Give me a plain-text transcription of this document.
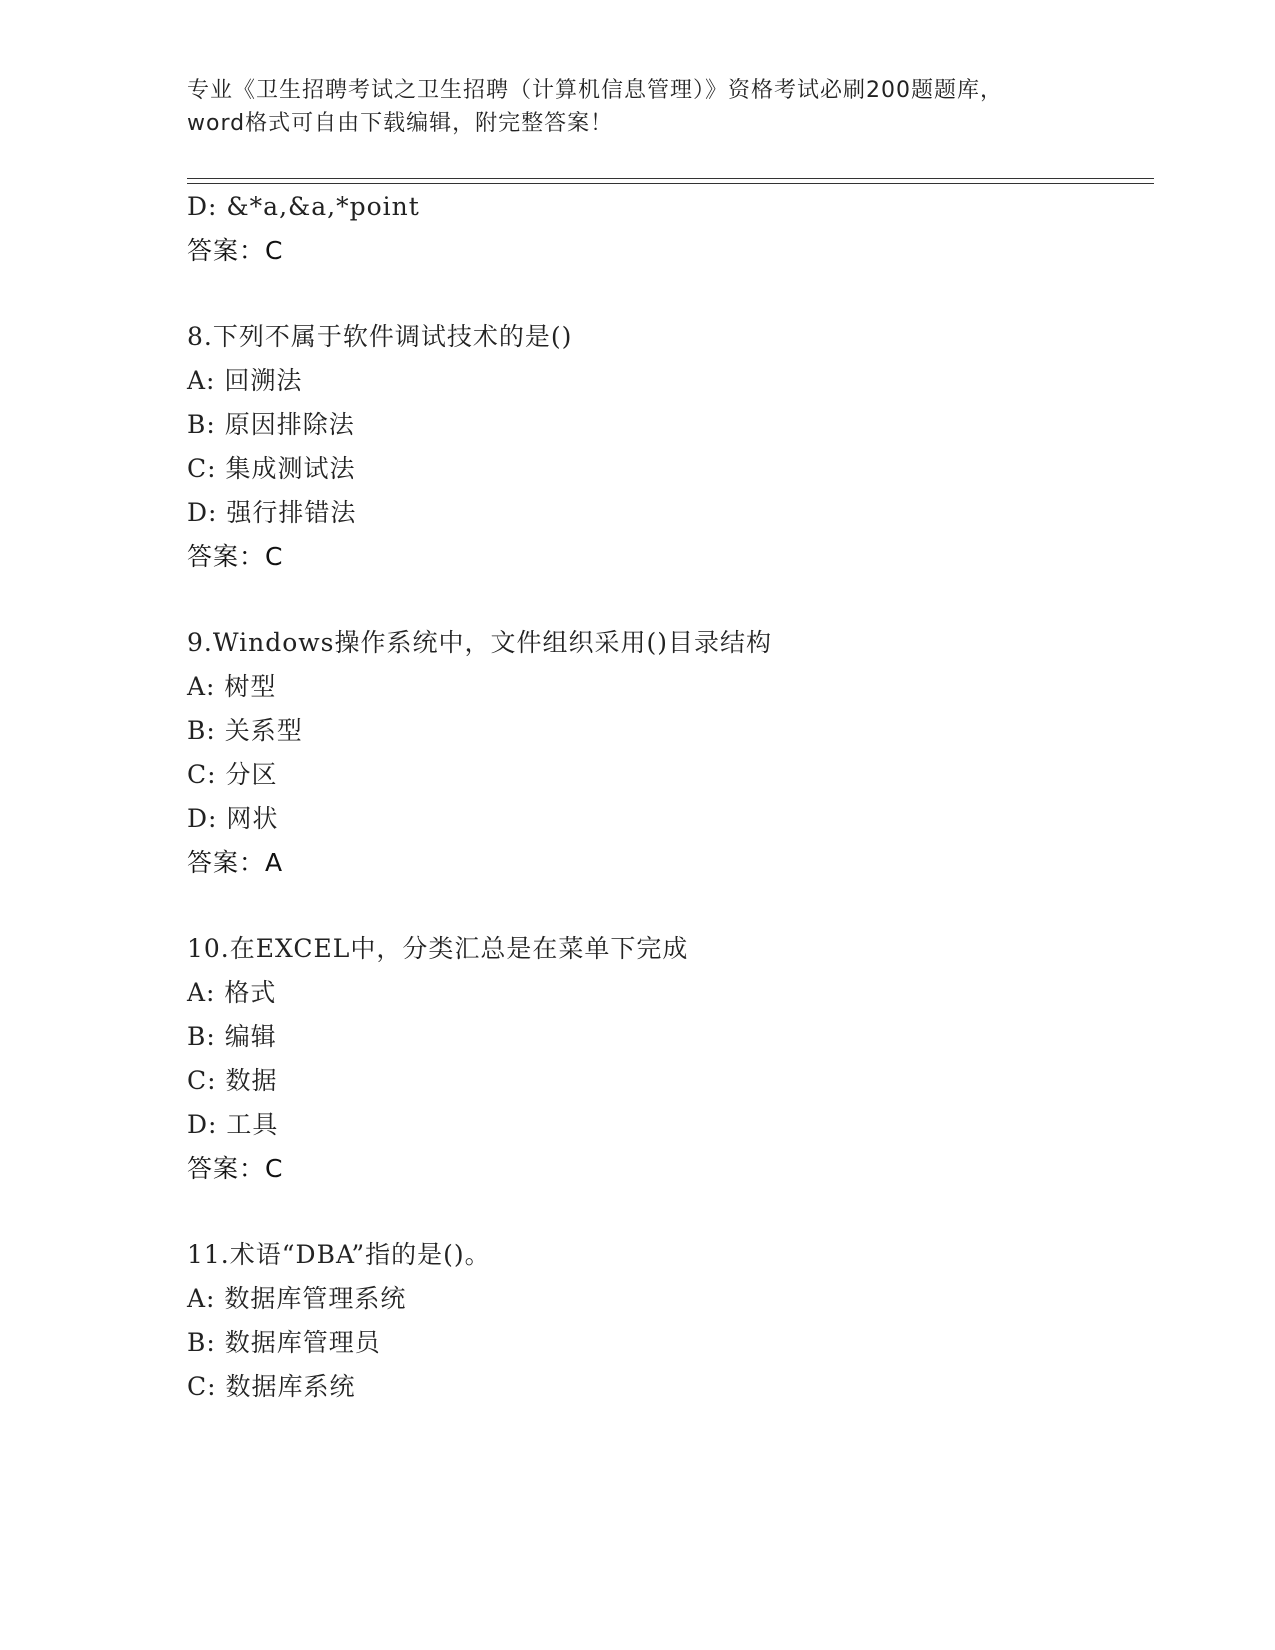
专业《卫生招聘考试之卫生招聘（计算机信息管理）》资格考试必刷200题题库，
word格式可自由下载编辑，附完整答案！
D: &*a,&a,*point
答案：C
8.下列不属于软件调试技术的是()
A: 回溯法
B: 原因排除法
C: 集成测试法
D: 强行排错法
答案：C
9.Windows操作系统中，文件组织采用()目录结构
A: 树型
B: 关系型
C: 分区
D: 网状
答案：A
10.在EXCEL中，分类汇总是在菜单下完成
A: 格式
B: 编辑
C: 数据
D: 工具
答案：C
11.术语“DBA”指的是()。
A: 数据库管理系统
B: 数据库管理员
C: 数据库系统
